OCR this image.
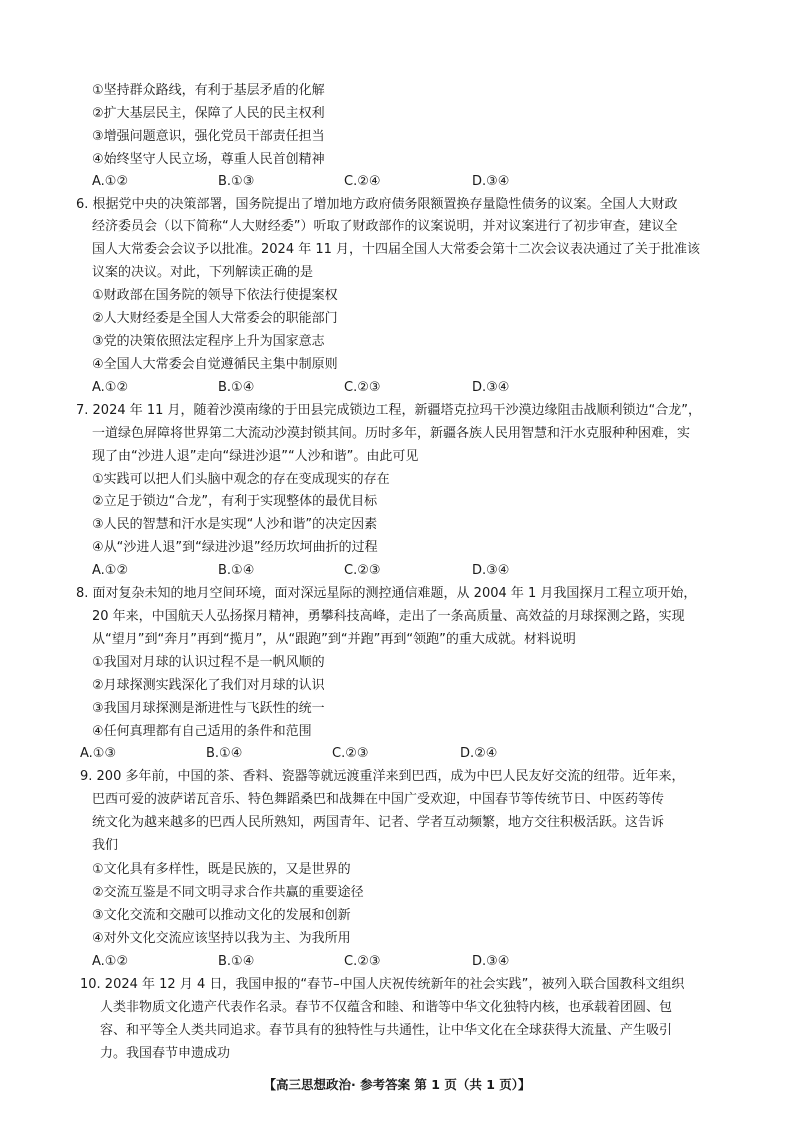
①坚持群众路线，有利于基层矛盾的化解
②扩大基层民主，保障了人民的民主权利
③增强问题意识，强化党员干部责任担当
④始终坚守人民立场，尊重人民首创精神
A.①②	B.①③	C.②④	D.③④
6. 根据党中央的决策部署，国务院提出了增加地方政府债务限额置换存量隐性债务的议案。全国人大财政
经济委员会（以下简称“人大财经委”）听取了财政部作的议案说明，并对议案进行了初步审查，建议全
国人大常委会会议予以批准。2024 年 11 月，十四届全国人大常委会第十二次会议表决通过了关于批准该
议案的决议。对此，下列解读正确的是
①财政部在国务院的领导下依法行使提案权
②人大财经委是全国人大常委会的职能部门
③党的决策依照法定程序上升为国家意志
④全国人大常委会自觉遵循民主集中制原则
A.①②	B.①④	C.②③	D.③④
7. 2024 年 11 月，随着沙漠南缘的于田县完成锁边工程，新疆塔克拉玛干沙漠边缘阻击战顺利锁边“合龙”，
一道绿色屏障将世界第二大流动沙漠封锁其间。历时多年，新疆各族人民用智慧和汗水克服种种困难，实
现了由“沙进人退”走向“绿进沙退”“人沙和谐”。由此可见
①实践可以把人们头脑中观念的存在变成现实的存在
②立足于锁边“合龙”，有利于实现整体的最优目标
③人民的智慧和汗水是实现“人沙和谐”的决定因素
④从“沙进人退”到“绿进沙退”经历坎坷曲折的过程
A.①②	B.①④	C.②③	D.③④
8. 面对复杂未知的地月空间环境，面对深远星际的测控通信难题，从 2004 年 1 月我国探月工程立项开始，
20 年来，中国航天人弘扬探月精神，勇攀科技高峰，走出了一条高质量、高效益的月球探测之路，实现
从“望月”到“奔月”再到“揽月”，从“跟跑”到“并跑”再到“领跑”的重大成就。材料说明
①我国对月球的认识过程不是一帆风顺的
②月球探测实践深化了我们对月球的认识
③我国月球探测是渐进性与飞跃性的统一
④任何真理都有自己适用的条件和范围
A.①③	B.①④	C.②③	D.②④
9. 200 多年前，中国的茶、香料、瓷器等就远渡重洋来到巴西，成为中巴人民友好交流的纽带。近年来，
巴西可爱的波萨诺瓦音乐、特色舞蹈桑巴和战舞在中国广受欢迎，中国春节等传统节日、中医药等传
统文化为越来越多的巴西人民所熟知，两国青年、记者、学者互动频繁，地方交往积极活跃。这告诉
我们
①文化具有多样性，既是民族的，又是世界的
②交流互鉴是不同文明寻求合作共赢的重要途径
③文化交流和交融可以推动文化的发展和创新
④对外文化交流应该坚持以我为主、为我所用
A.①②	B.①④	C.②③	D.③④
10. 2024 年 12 月 4 日，我国申报的“春节–中国人庆祝传统新年的社会实践”，被列入联合国教科文组织
人类非物质文化遗产代表作名录。春节不仅蕴含和睦、和谐等中华文化独特内核，也承载着团圆、包
容、和平等全人类共同追求。春节具有的独特性与共通性，让中华文化在全球获得大流量、产生吸引
力。我国春节申遗成功
【高三思想政治· 参考答案 第 1 页（共 1 页）】
